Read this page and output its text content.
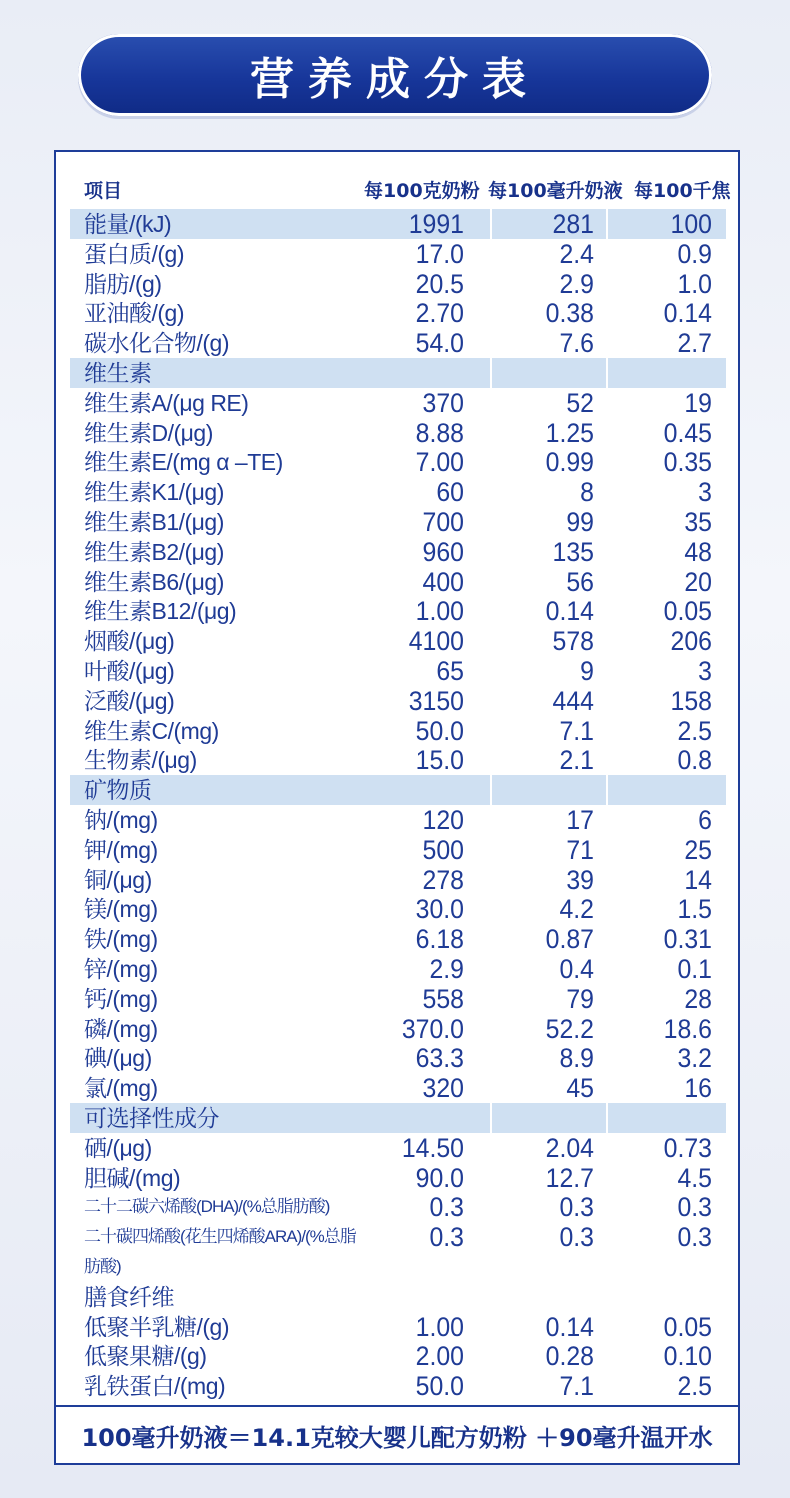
营养成分表
项目	每100克奶粉 每100毫升奶液 每100千焦
能量/(kJ)	1991	281	100
蛋白质/(g)	17.0	2.4	0.9
脂肪/(g)	20.5	2.9	1.0
亚油酸/(g)	2.70	0.38	0.14
碳水化合物/(g)	54.0	7.6	2.7
维生素
维生素A/(μg RE)	370	52	19
维生素D/(μg)	8.88	1.25	0.45
维生素E/(mg α –TE)	7.00	0.99	0.35
维生素K1/(μg)	60	8	3
维生素B1/(μg)	700	99	35
维生素B2/(μg)	960	135	48
维生素B6/(μg)	400	56	20
维生素B12/(μg)	1.00	0.14	0.05
烟酸/(μg)	4100	578	206
叶酸/(μg)	65	9	3
泛酸/(μg)	3150	444	158
维生素C/(mg)	50.0	7.1	2.5
生物素/(μg)	15.0	2.1	0.8
矿物质
钠/(mg)	120	17	6
钾/(mg)	500	71	25
铜/(μg)	278	39	14
镁/(mg)	30.0	4.2	1.5
铁/(mg)	6.18	0.87	0.31
锌/(mg)	2.9	0.4	0.1
钙/(mg)	558	79	28
磷/(mg)	370.0	52.2	18.6
碘/(μg)	63.3	8.9	3.2
氯/(mg)	320	45	16
可选择性成分
硒/(μg)	14.50	2.04	0.73
胆碱/(mg)	90.0	12.7	4.5
二十二碳六烯酸(DHA)/(%总脂肪酸)	0.3	0.3	0.3
二十碳四烯酸(花生四烯酸ARA)/(%总脂	0.3	0.3	0.3
肪酸)
膳食纤维
低聚半乳糖/(g)	1.00	0.14	0.05
低聚果糖/(g)	2.00	0.28	0.10
乳铁蛋白/(mg)	50.0	7.1	2.5
100毫升奶液＝14.1克较大婴儿配方奶粉 ＋90毫升温开水
